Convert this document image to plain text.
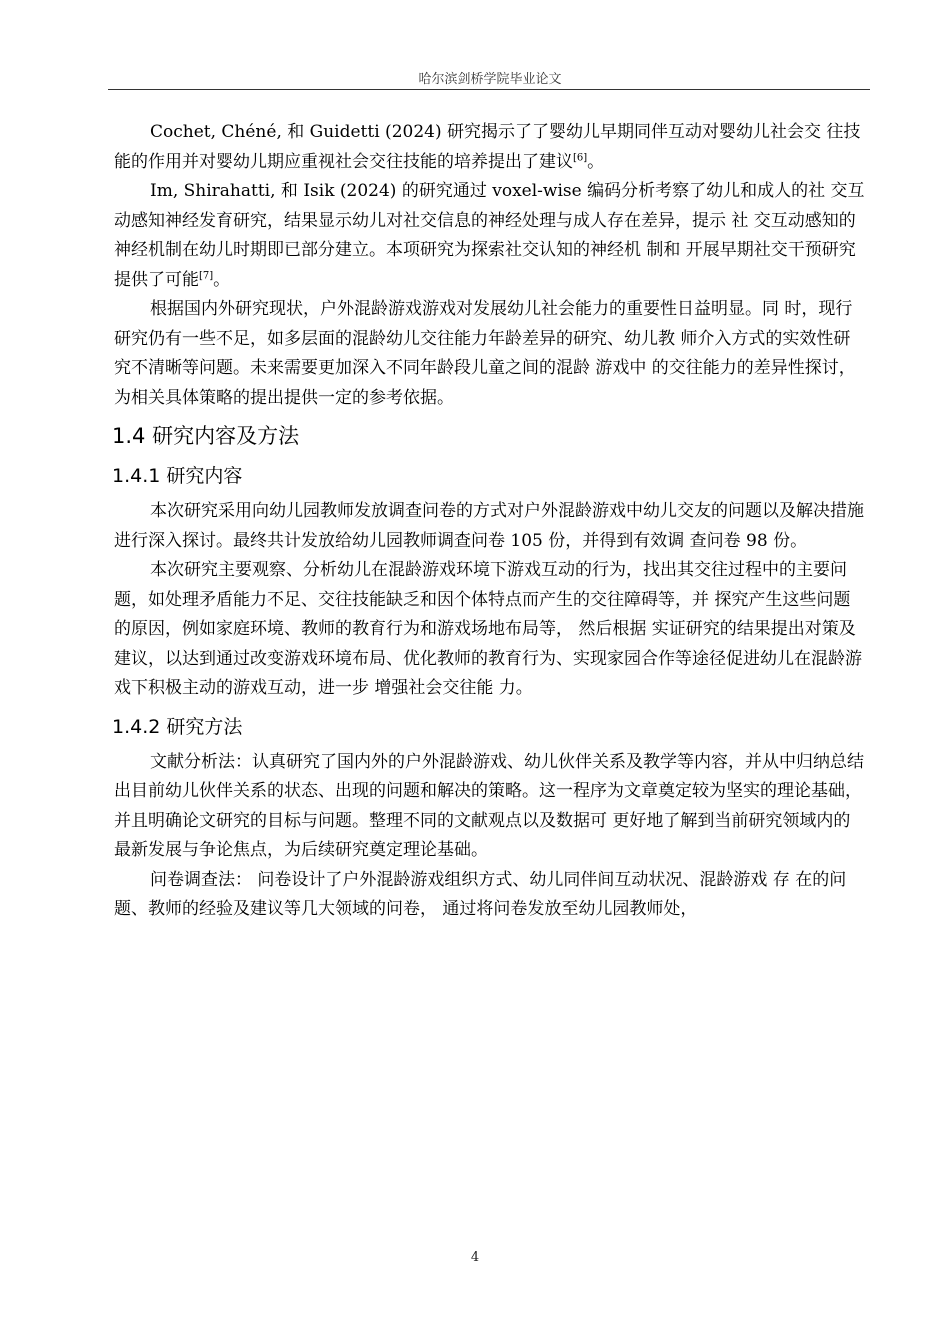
哈尔滨剑桥学院毕业论文

Cochet, Chéné, 和 Guidetti (2024) 研究揭示了了婴幼儿早期同伴互动对婴幼儿社会交 往技能的作用并对婴幼儿期应重视社会交往技能的培养提出了建议[6]。

Im, Shirahatti, 和 Isik (2024) 的研究通过 voxel-wise 编码分析考察了幼儿和成人的社 交互动感知神经发育研究，结果显示幼儿对社交信息的神经处理与成人存在差异，提示 社 交互动感知的神经机制在幼儿时期即已部分建立。本项研究为探索社交认知的神经机 制和 开展早期社交干预研究提供了可能[7]。

根据国内外研究现状，户外混龄游戏游戏对发展幼儿社会能力的重要性日益明显。同 时，现行研究仍有一些不足，如多层面的混龄幼儿交往能力年龄差异的研究、幼儿教 师介入方式的实效性研究不清晰等问题。未来需要更加深入不同年龄段儿童之间的混龄 游戏中 的交往能力的差异性探讨，为相关具体策略的提出提供一定的参考依据。

1.4 研究内容及方法
1.4.1 研究内容

本次研究采用向幼儿园教师发放调查问卷的方式对户外混龄游戏中幼儿交友的问题以及解决措施进行深入探讨。最终共计发放给幼儿园教师调查问卷 105 份，并得到有效调 查问卷 98 份。

本次研究主要观察、分析幼儿在混龄游戏环境下游戏互动的行为，找出其交往过程中的主要问题，如处理矛盾能力不足、交往技能缺乏和因个体特点而产生的交往障碍等，并 探究产生这些问题的原因，例如家庭环境、教师的教育行为和游戏场地布局等， 然后根据 实证研究的结果提出对策及建议，以达到通过改变游戏环境布局、优化教师的教育行为、实现家园合作等途径促进幼儿在混龄游戏下积极主动的游戏互动，进一步 增强社会交往能 力。

1.4.2 研究方法

文献分析法：认真研究了国内外的户外混龄游戏、幼儿伙伴关系及教学等内容，并从中归纳总结出目前幼儿伙伴关系的状态、出现的问题和解决的策略。这一程序为文章奠定较为坚实的理论基础，并且明确论文研究的目标与问题。整理不同的文献观点以及数据可 更好地了解到当前研究领域内的最新发展与争论焦点，为后续研究奠定理论基础。

问卷调查法： 问卷设计了户外混龄游戏组织方式、幼儿同伴间互动状况、混龄游戏 存 在的问题、教师的经验及建议等几大领域的问卷， 通过将问卷发放至幼儿园教师处，

4
